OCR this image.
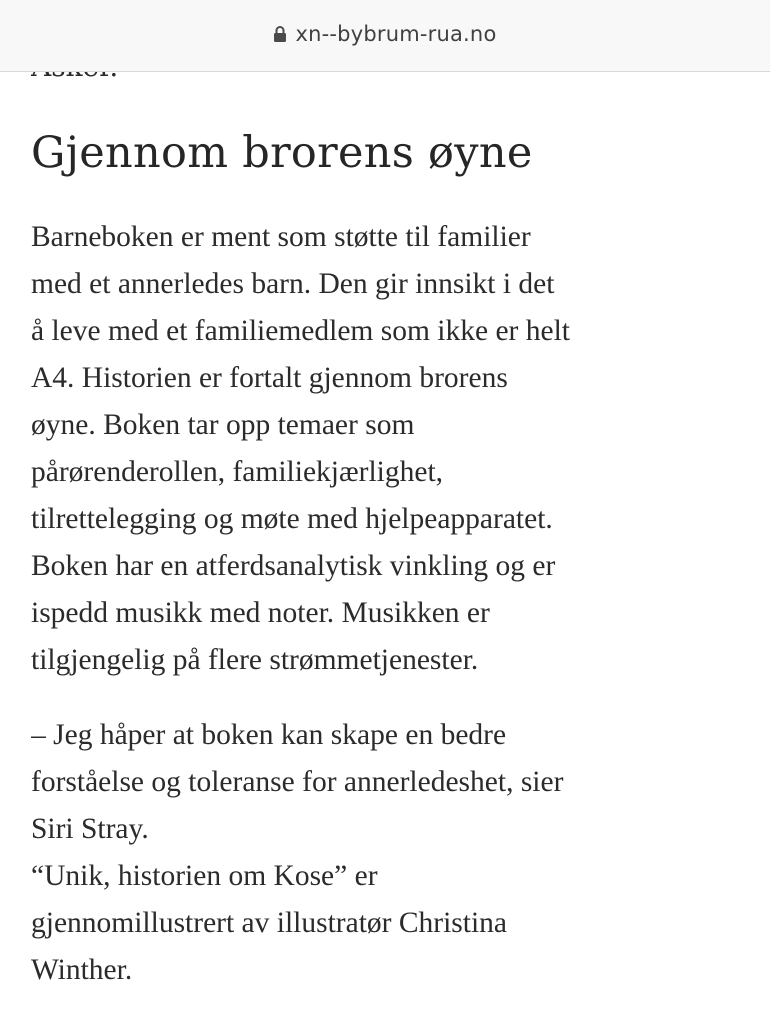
xn--bybrum-rua.no

Gjennom brorens øyne

Barneboken er ment som støtte til familier
med et annerledes barn. Den gir innsikt i det
å leve med et familiemedlem som ikke er helt
A4. Historien er fortalt gjennom brorens
øyne. Boken tar opp temaer som
pårørenderollen, familiekjærlighet,
tilrettelegging og møte med hjelpeapparatet.
Boken har en atferdsanalytisk vinkling og er
ispedd musikk med noter. Musikken er
tilgjengelig på flere strømmetjenester.

– Jeg håper at boken kan skape en bedre
forståelse og toleranse for annerledeshet, sier
Siri Stray.
“Unik, historien om Kose” er
gjennomillustrert av illustratør Christina
Winther.
